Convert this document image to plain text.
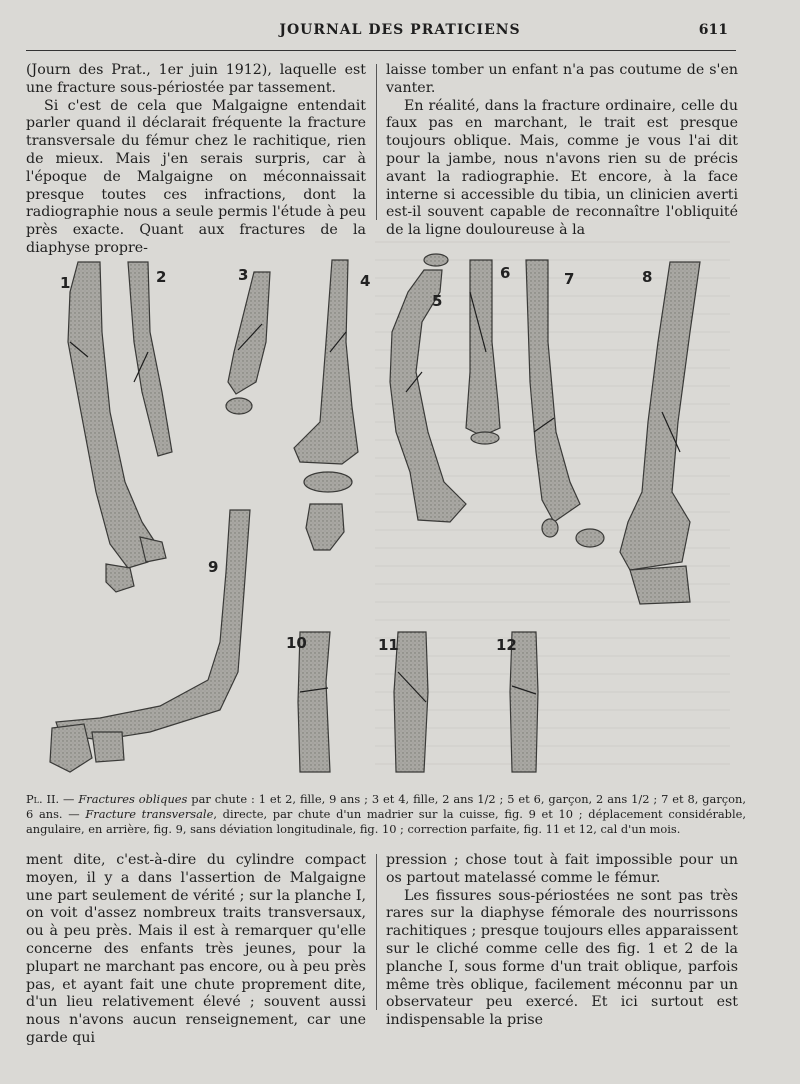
JOURNAL DES PRATICIENS	611

(Journ des Prat., 1er juin 1912), laquelle est une fracture sous-périostée par tassement.

Si c'est de cela que Malgaigne entendait parler quand il déclarait fréquente la fracture transversale du fémur chez le rachitique, rien de mieux. Mais j'en serais surpris, car à l'époque de Malgaigne on méconnaissait presque toutes ces infractions, dont la radiographie nous a seule permis l'étude à peu près exacte. Quant aux fractures de la diaphyse propre-

laisse tomber un enfant n'a pas coutume de s'en vanter.

En réalité, dans la fracture ordinaire, celle du faux pas en marchant, le trait est presque toujours oblique. Mais, comme je vous l'ai dit pour la jambe, nous n'avons rien su de précis avant la radiographie. Et encore, à la face interne si accessible du tibia, un clinicien averti est-il souvent capable de reconnaître l'obliquité de la ligne douloureuse à la

1	2	3	4
5
6	7	8
9
10	11	12
Pl. II. — Fractures obliques par chute : 1 et 2, fille, 9 ans ; 3 et 4, fille, 2 ans 1/2 ; 5 et 6, garçon, 2 ans 1/2 ; 7 et 8, garçon, 6 ans. — Fracture transversale, directe, par chute d'un madrier sur la cuisse, fig. 9 et 10 ; déplacement considérable, angulaire, en arrière, fig. 9, sans déviation longitudinale, fig. 10 ; correction parfaite, fig. 11 et 12, cal d'un mois.

ment dite, c'est-à-dire du cylindre compact moyen, il y a dans l'assertion de Malgaigne une part seulement de vérité ; sur la planche I, on voit d'assez nombreux traits transversaux, ou à peu près. Mais il est à remarquer qu'elle concerne des enfants très jeunes, pour la plupart ne marchant pas encore, ou à peu près pas, et ayant fait une chute proprement dite, d'un lieu relativement élevé ; souvent aussi nous n'avons aucun renseignement, car une garde qui

pression ; chose tout à fait impossible pour un os partout matelassé comme le fémur.

Les fissures sous-périostées ne sont pas très rares sur la diaphyse fémorale des nourrissons rachitiques ; presque toujours elles apparaissent sur le cliché comme celle des fig. 1 et 2 de la planche I, sous forme d'un trait oblique, parfois même très oblique, facilement méconnu par un observateur peu exercé. Et ici surtout est indispensable la prise
